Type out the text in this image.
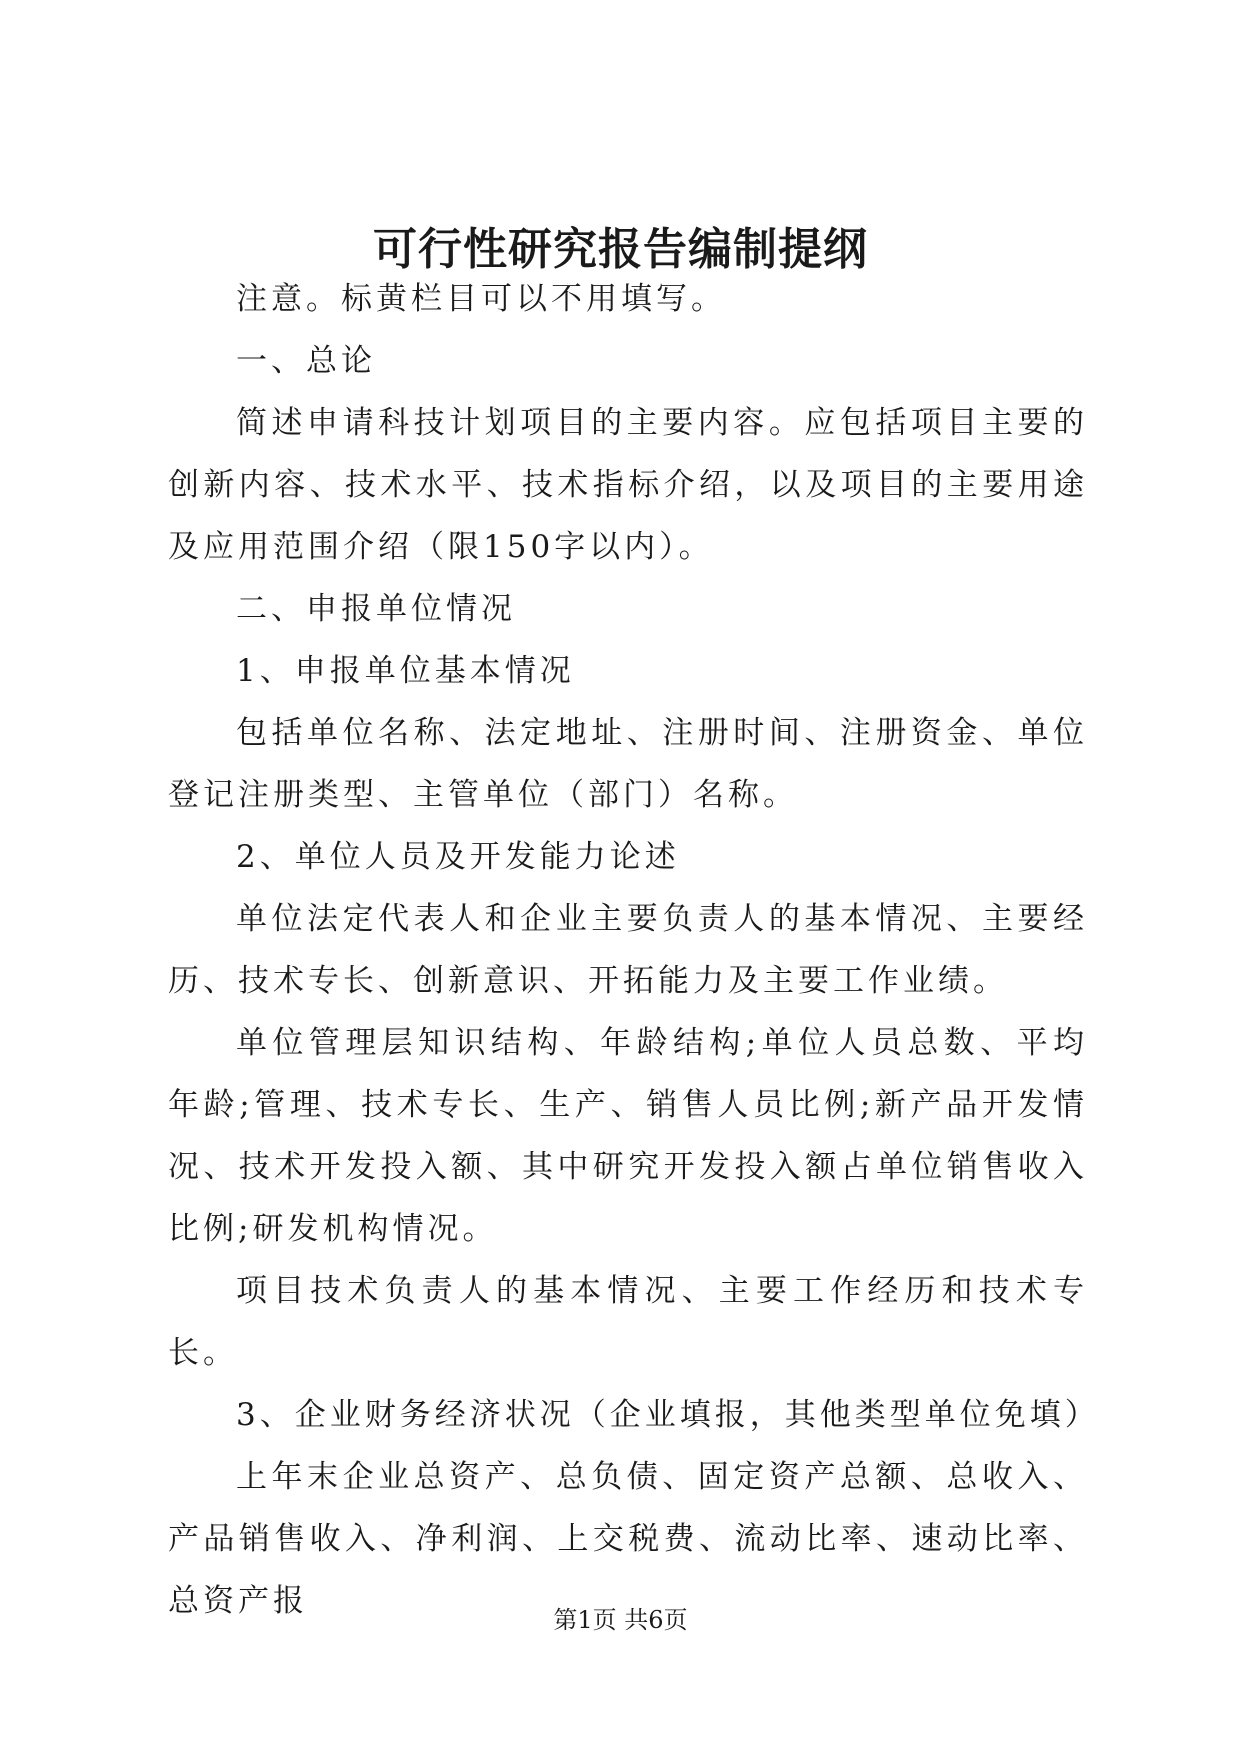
可行性研究报告编制提纲

注意。标黄栏目可以不用填写。

一、总论

简述申请科技计划项目的主要内容。应包括项目主要的创新内容、技术水平、技术指标介绍，以及项目的主要用途及应用范围介绍（限150字以内）。

二、申报单位情况

1、申报单位基本情况

包括单位名称、法定地址、注册时间、注册资金、单位登记注册类型、主管单位（部门）名称。

2、单位人员及开发能力论述

单位法定代表人和企业主要负责人的基本情况、主要经历、技术专长、创新意识、开拓能力及主要工作业绩。

单位管理层知识结构、年龄结构;单位人员总数、平均年龄;管理、技术专长、生产、销售人员比例;新产品开发情况、技术开发投入额、其中研究开发投入额占单位销售收入比例;研发机构情况。

项目技术负责人的基本情况、主要工作经历和技术专长。

3、企业财务经济状况（企业填报，其他类型单位免填）

上年末企业总资产、总负债、固定资产总额、总收入、产品销售收入、净利润、上交税费、流动比率、速动比率、总资产报

第1页 共6页
